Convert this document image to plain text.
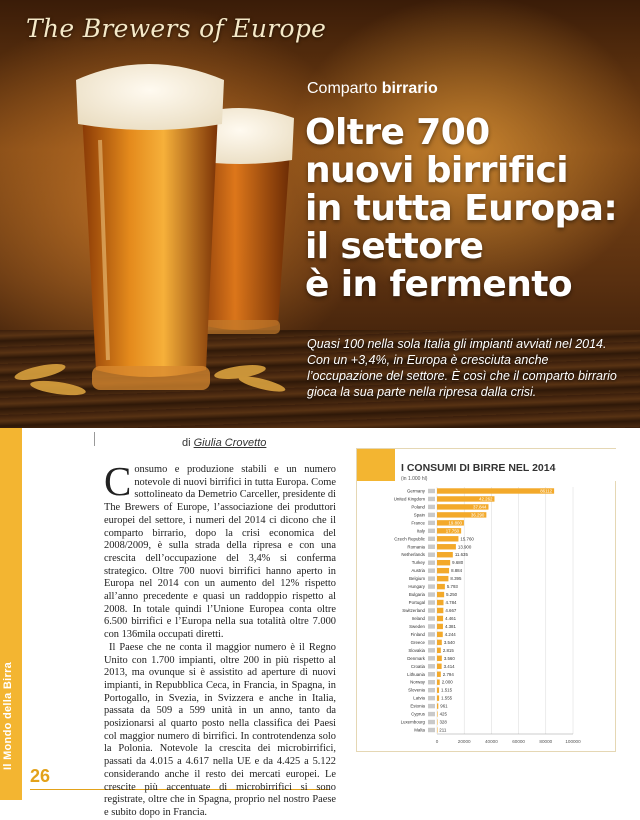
The Brewers of Europe
Comparto birrario
Oltre 700
nuovi birrifici
in tutta Europa:
il settore
è in fermento

Quasi 100 nella sola Italia gli impianti avviati nel 2014. Con un +3,4%, in Europa è cresciuta anche l’occupazione del settore. È così che il comparto birrario gioca la sua parte nella ripresa dalla crisi.

Il Mondo della Birra
26
di Giulia Crovetto

Consumo e produzione stabili e un numero notevole di nuovi birrifici in tutta Europa. Come sottolineato da Demetrio Carceller, presidente di The Brewers of Europe, l’associazione dei produttori europei del settore, i numeri del 2014 ci dicono che il comparto birrario, dopo la crisi economica del 2008/2009, è sulla strada della ripresa e con una crescita dell’occupazione del 3,4% si conferma strategico. Oltre 700 nuovi birrifici hanno aperto in Europa nel 2014 con un aumento del 12% rispetto all’anno precedente e quasi un raddoppio rispetto al 2008. In totale quindi l’Unione Europea conta oltre 6.500 birrifici e l’Europa nella sua totalità oltre 7.000 con 136mila occupati diretti.

Il Paese che ne conta il maggior numero è il Regno Unito con 1.700 impianti, oltre 200 in più rispetto al 2013, ma ovunque si è assistito ad aperture di nuovi impianti, in Repubblica Ceca, in Francia, in Spagna, in Portogallo, in Svezia, in Svizzera e anche in Italia, passata da 509 a 599 unità in un anno, tanto da posizionarsi al quarto posto nella classifica dei Paesi col maggior numero di birrifici. In controtendenza solo la Polonia. Notevole la crescita dei microbirrifici, passati da 4.015 a 4.617 nella UE e da 4.425 a 5.122 considerando anche il resto dei mercati europei. Le crescite più accentuate di microbirrifici si sono registrate, oltre che in Spagna, proprio nel nostro Paese e subito dopo in Francia.

I CONSUMI DI BIRRE NEL 2014
(in 1.000 hl)
0	20000	40000	60000	80000	100000
Germany	86112
United Kingdom	42.262
Poland	37.844
Spain	36.290
France	19.800
Italy	17.750
Czech Republic	15.760
Romania	13.900
Netherlands	11.635
Turkey	9.680
Austria	8.884
Belgium	8.395
Hungary	5.793
Bulgaria	5.250
Portugal	4.784
Switzerland	4.667
Ireland	4.461
Sweden	4.381
Finland	4.244
Greece	3.540
Slovakia	2.815
Denmark	3.560
Croatia	3.414
Lithuania	2.794
Norway	2.000
Slovenia	1.515
Latvia	1.555
Estonia	961
Cyprus	425
Luxembourg	328
Malta	211
